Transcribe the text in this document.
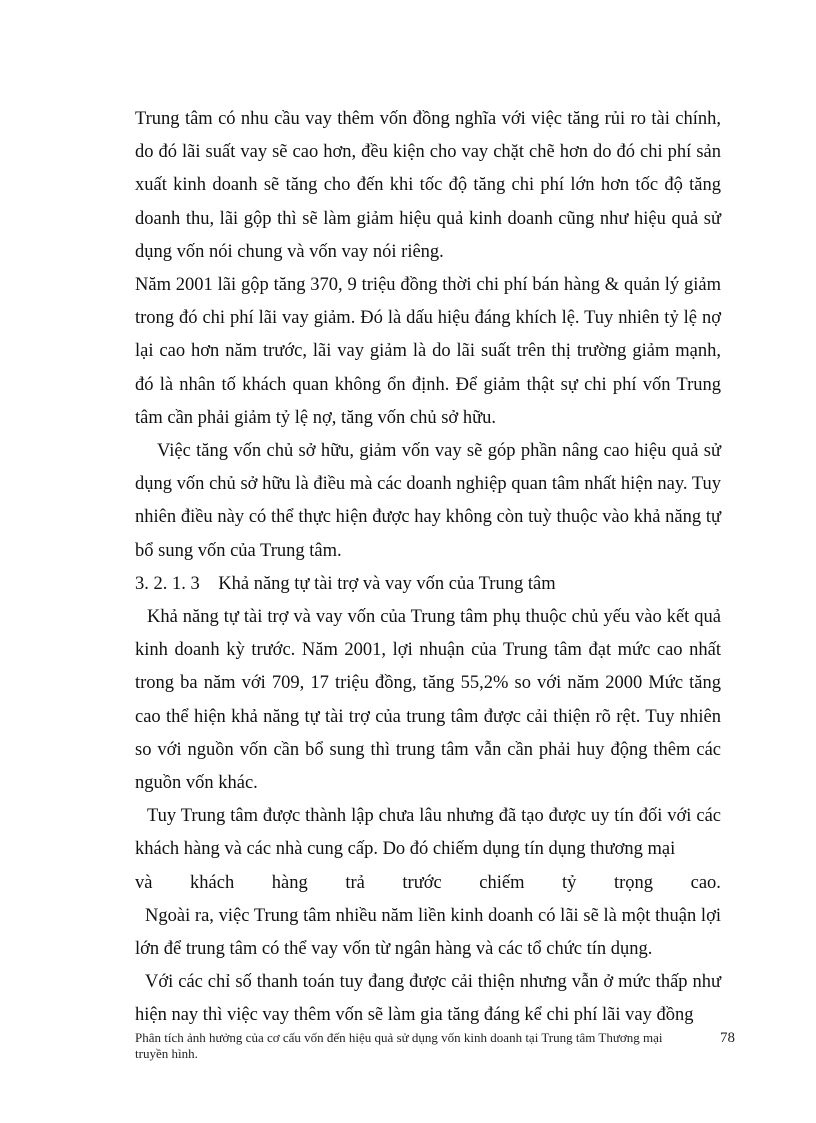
Trung tâm có nhu cầu vay thêm vốn đồng nghĩa với việc tăng rủi ro tài chính, do đó lãi suất vay sẽ cao hơn, đều kiện cho vay chặt chẽ hơn do đó chi phí sản xuất kinh doanh sẽ tăng cho đến khi tốc độ tăng chi phí lớn hơn tốc độ tăng doanh thu, lãi gộp thì sẽ làm giảm hiệu quả kinh doanh cũng như hiệu quả sử dụng vốn nói chung và vốn vay nói riêng.

Năm 2001 lãi gộp tăng 370, 9 triệu đồng thời chi phí bán hàng & quản lý giảm trong đó chi phí lãi vay giảm. Đó là dấu hiệu đáng khích lệ. Tuy nhiên tỷ lệ nợ lại cao hơn năm trước, lãi vay giảm là do lãi suất trên thị trường giảm mạnh, đó là nhân tố khách quan không ổn định. Để giảm thật sự chi phí vốn Trung tâm cần phải giảm tỷ lệ nợ, tăng vốn chủ sở hữu.

Việc tăng vốn chủ sở hữu, giảm vốn vay sẽ góp phần nâng cao hiệu quả sử dụng vốn chủ sở hữu là điều mà các doanh nghiệp quan tâm nhất hiện nay. Tuy nhiên điều này có thể thực hiện được hay không còn tuỳ thuộc vào khả năng tự bổ sung vốn của Trung tâm.

3. 2. 1. 3    Khả năng tự tài trợ và vay vốn của Trung tâm

Khả năng tự tài trợ và vay vốn của Trung tâm phụ thuộc chủ yếu vào kết quả kinh doanh kỳ trước. Năm 2001, lợi nhuận của Trung tâm đạt mức cao nhất trong ba năm với 709, 17 triệu đồng, tăng 55,2% so với năm 2000 Mức tăng cao thể hiện khả năng tự tài trợ của trung tâm được cải thiện rõ rệt. Tuy nhiên so với nguồn vốn cần bổ sung thì trung tâm vẫn cần phải huy động thêm các nguồn vốn khác.

Tuy Trung tâm được thành lập chưa lâu nhưng đã tạo được uy tín đối với các khách hàng và các nhà cung cấp. Do đó chiếm dụng tín dụng thương mại

và khách hàng trả trước chiếm tỷ trọng cao.

Ngoài ra, việc Trung tâm nhiều năm liền kinh doanh có lãi sẽ là một thuận lợi lớn để trung tâm có thể vay vốn từ ngân hàng và các tổ chức tín dụng.

Với các chỉ số thanh toán tuy đang được cải thiện nhưng vẫn ở mức thấp như hiện nay thì việc vay thêm vốn sẽ làm gia tăng đáng kể chi phí lãi vay đồng

Phân tích ảnh hưởng của cơ cấu vốn đến hiệu quả sử dụng vốn kinh doanh tại Trung tâm Thương mại truyền hình.
78
